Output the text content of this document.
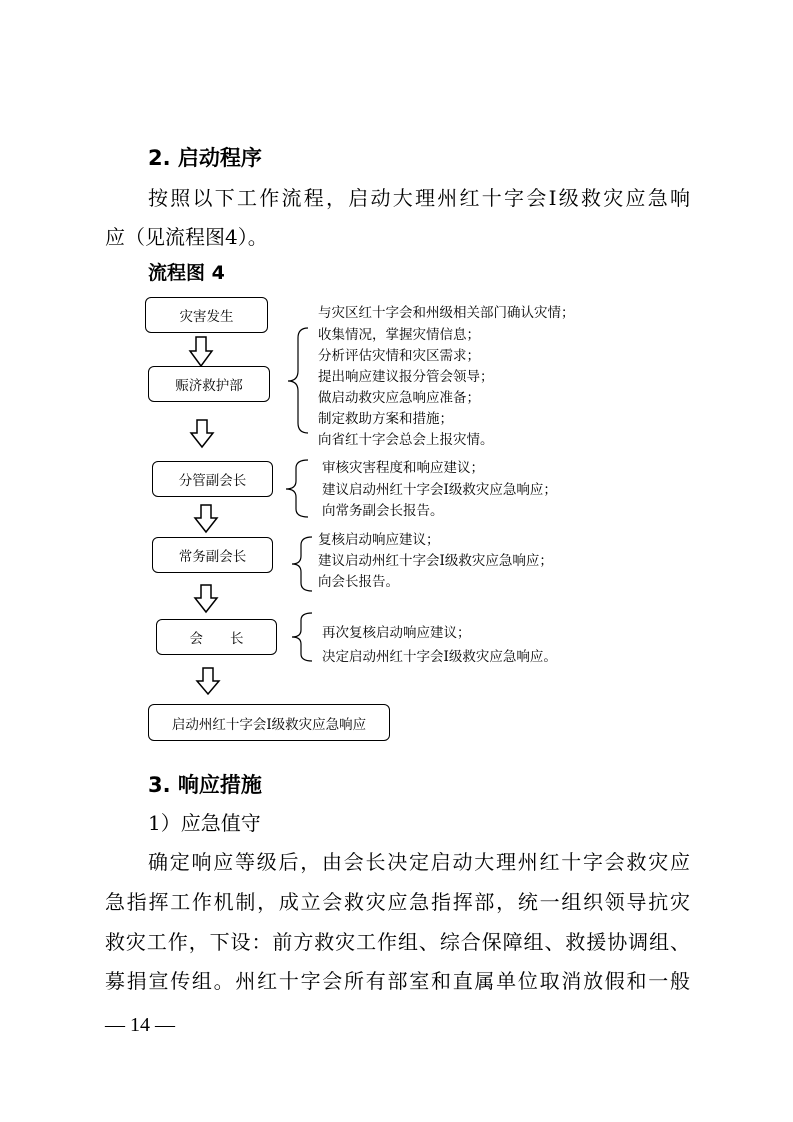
2. 启动程序
按照以下工作流程，启动大理州红十字会Ⅰ级救灾应急响
应（见流程图4）。
流程图 4
灾害发生
赈济救护部
分管副会长
常务副会长
会　　长
启动州红十字会Ⅰ级救灾应急响应
与灾区红十字会和州级相关部门确认灾情；
收集情况，掌握灾情信息；
分析评估灾情和灾区需求；
提出响应建议报分管会领导；
做启动救灾应急响应准备；
制定救助方案和措施；
向省红十字会总会上报灾情。
审核灾害程度和响应建议；
建议启动州红十字会Ⅰ级救灾应急响应；
向常务副会长报告。
复核启动响应建议；
建议启动州红十字会Ⅰ级救灾应急响应；
向会长报告。
再次复核启动响应建议；
决定启动州红十字会Ⅰ级救灾应急响应。
3. 响应措施
1）应急值守
确定响应等级后，由会长决定启动大理州红十字会救灾应
急指挥工作机制，成立会救灾应急指挥部，统一组织领导抗灾
救灾工作，下设：前方救灾工作组、综合保障组、救援协调组、
募捐宣传组。州红十字会所有部室和直属单位取消放假和一般
— 14 —
